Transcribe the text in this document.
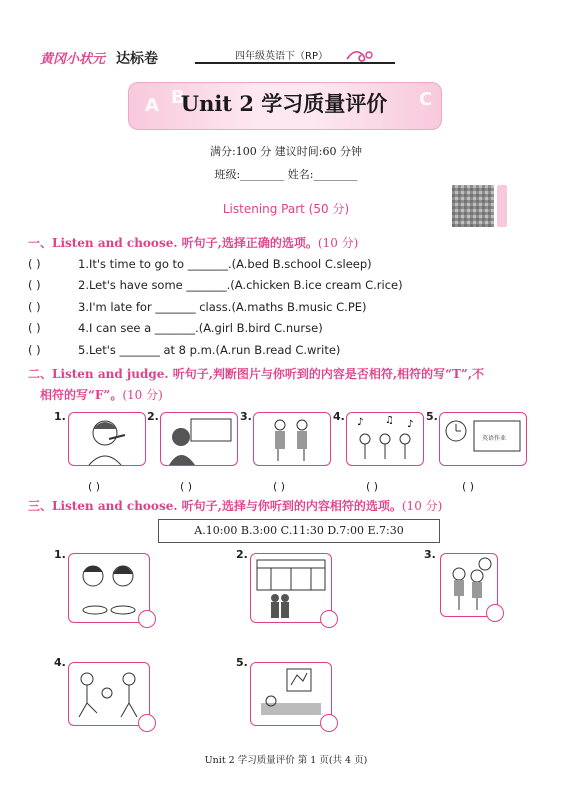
黄冈小状元 达标卷	四年级英语下（RP）
A B	C
Unit 2 学习质量评价
满分:100 分 建议时间:60 分钟
班级:________ 姓名:________
Listening Part (50 分)
一、Listen and choose. 听句子,选择正确的选项。(10 分)
( )	1.It's time to go to _______.(A.bed B.school C.sleep)
( )	2.Let's have some _______.(A.chicken B.ice cream C.rice)
( )	3.I'm late for _______ class.(A.maths B.music C.PE)
( )	4.I can see a _______.(A.girl B.bird C.nurse)
( )	5.Let's _______ at 8 p.m.(A.run B.read C.write)
二、Listen and judge. 听句子,判断图片与你听到的内容是否相符,相符的写“T”,不
相符的写“F”。(10 分)
1.	2.	3.	4.	5.
♪ ♫ ♪
英语作业
( )	( )	( )	( )	( )
三、Listen and choose. 听句子,选择与你听到的内容相符的选项。(10 分)
A.10:00 B.3:00 C.11:30 D.7:00 E.7:30
1.	2.	3.
4.	5.
Unit 2 学习质量评价 第 1 页(共 4 页)
